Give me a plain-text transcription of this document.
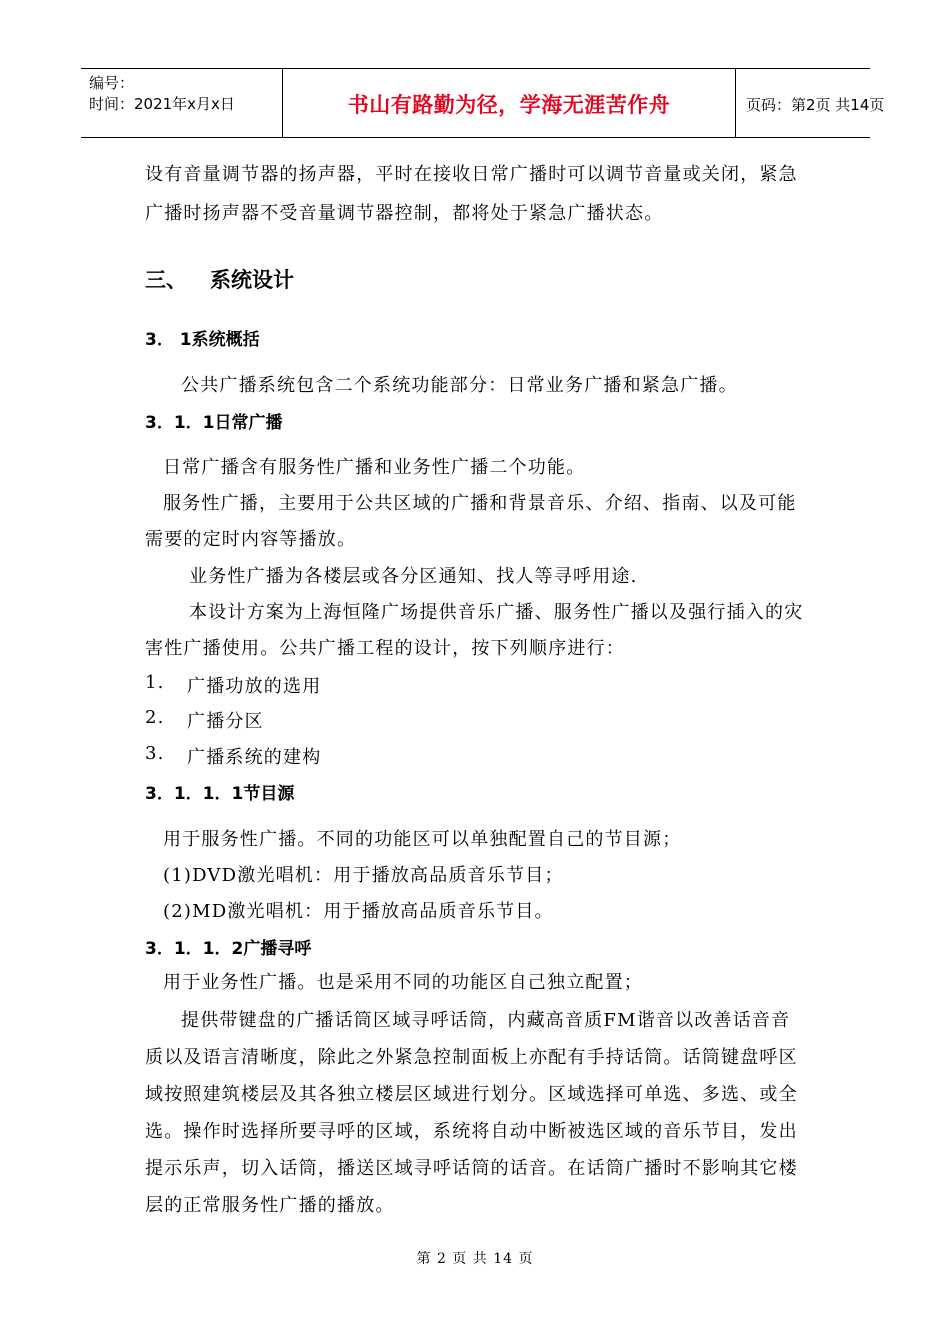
编号：
时间：2021年x月x日	书山有路勤为径，学海无涯苦作舟	页码：第2页 共14页
设有音量调节器的扬声器，平时在接收日常广播时可以调节音量或关闭，紧急
广播时扬声器不受音量调节器控制，都将处于紧急广播状态。
三、 系统设计
3． 1系统概括
公共广播系统包含二个系统功能部分：日常业务广播和紧急广播。
3．1．1日常广播
日常广播含有服务性广播和业务性广播二个功能。
服务性广播，主要用于公共区域的广播和背景音乐、介绍、指南、以及可能
需要的定时内容等播放。
业务性广播为各楼层或各分区通知、找人等寻呼用途.
本设计方案为上海恒隆广场提供音乐广播、服务性广播以及强行插入的灾
害性广播使用。公共广播工程的设计，按下列顺序进行：
1. 广播功放的选用
2. 广播分区
3. 广播系统的建构
3．1．1．1节目源
用于服务性广播。不同的功能区可以单独配置自己的节目源；
(1)DVD激光唱机：用于播放高品质音乐节目；
(2)MD激光唱机：用于播放高品质音乐节目。
3．1．1．2广播寻呼
用于业务性广播。也是采用不同的功能区自己独立配置；
提供带键盘的广播话筒区域寻呼话筒，内藏高音质FM谐音以改善话音音
质以及语言清晰度，除此之外紧急控制面板上亦配有手持话筒。话筒键盘呼区
域按照建筑楼层及其各独立楼层区域进行划分。区域选择可单选、多选、或全
选。操作时选择所要寻呼的区域，系统将自动中断被选区域的音乐节目，发出
提示乐声，切入话筒，播送区域寻呼话筒的话音。在话筒广播时不影响其它楼
层的正常服务性广播的播放。
第 2 页 共 14 页
